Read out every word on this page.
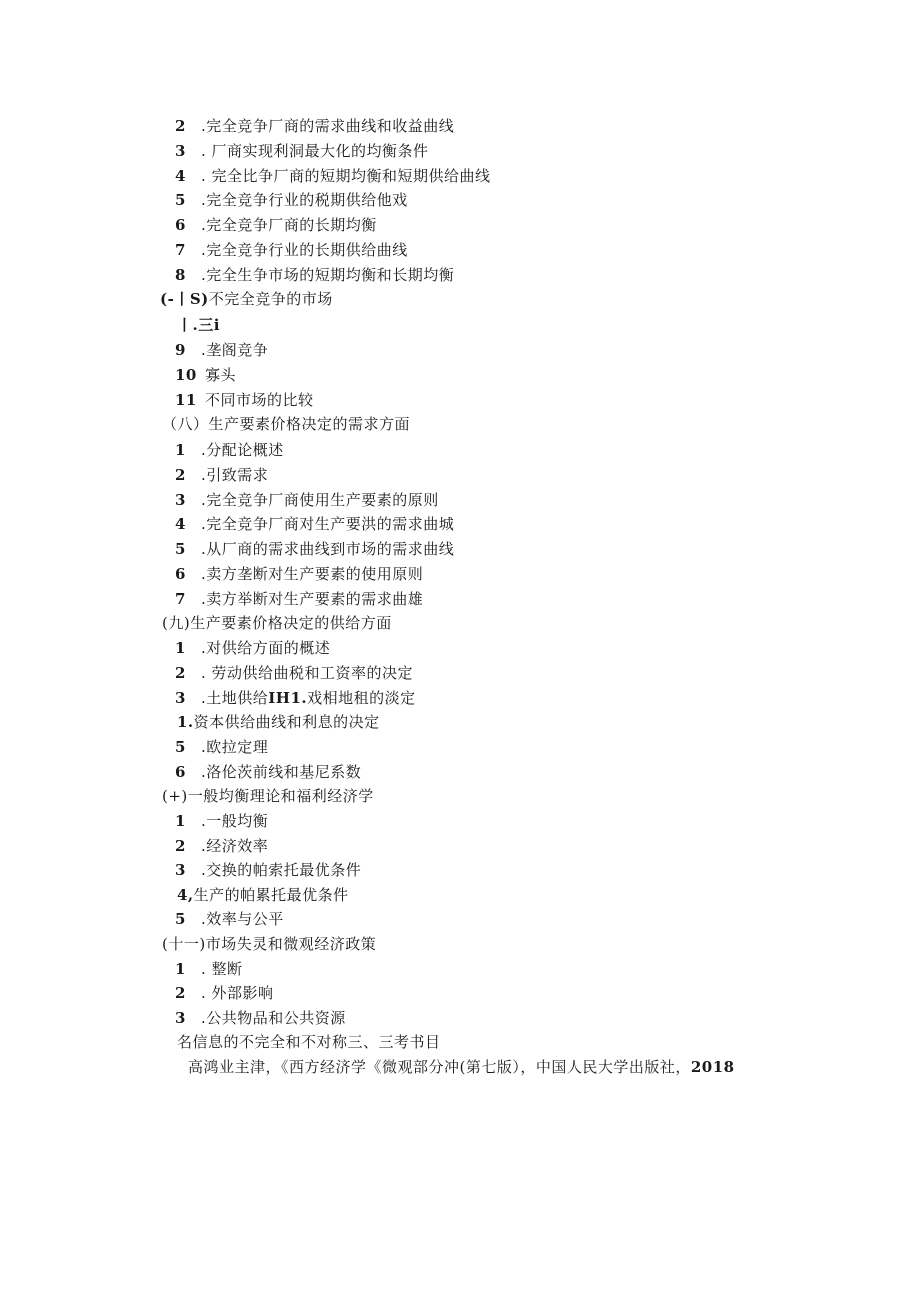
2 .完全竞争厂商的需求曲线和收益曲线
3 . 厂商实现利洞最大化的均衡条件
4 . 完全比争厂商的短期均衡和短期供给曲线
5 .完全竞争行业的税期供给他戏
6 .完全竞争厂商的长期均衡
7 .完全竞争行业的长期供给曲线
8 .完全生争市场的短期均衡和长期均衡
(-丨S)不完全竞争的市场
丨.三i
9 .垄阁竞争
10 寡头
11 不同市场的比较
（八）生产要素价格决定的需求方面
1 .分配论概述
2 .引致需求
3 .完全竞争厂商使用生产要素的原则
4 .完全竞争厂商对生产要洪的需求曲城
5 .从厂商的需求曲线到市场的需求曲线
6 .卖方垄断对生产要素的使用原则
7 .卖方举断对生产要素的需求曲雄
(九)生产要素价格决定的供给方面
1 .对供给方面的概述
2 . 劳动供给曲税和工资率的决定
3 .土地供给IH1.戏相地租的淡定
1.资本供给曲线和利息的决定
5 .欧拉定理
6 .洛伦茨前线和基尼系数
(+)一般均衡理论和福利经济学
1 .一般均衡
2 .经济效率
3 .交换的帕索托最优条件
4,生产的帕累托最优条件
5 .效率与公平
(十一)市场失灵和微观经济政策
1 . 整断
2 . 外部影响
3 .公共物品和公共资源
名信息的不完全和不对称三、三考书目
高鸿业主津，《西方经济学《微观部分冲(第七版），中国人民大学出版社，2018
